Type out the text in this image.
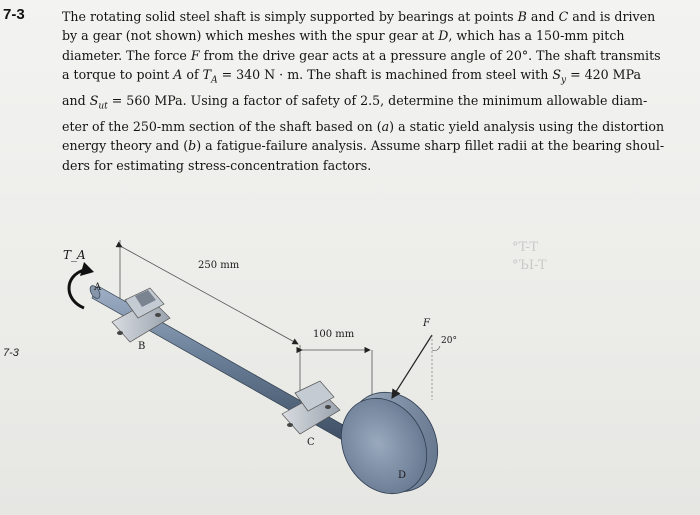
7-3	The rotating solid steel shaft is simply supported by bearings at points B and C and is driven
by a gear (not shown) which meshes with the spur gear at D, which has a 150-mm pitch
diameter. The force F from the drive gear acts at a pressure angle of 20°. The shaft transmits
a torque to point A of $T_A = 340$ N · m. The shaft is machined from steel with $S_y = 420$ MPa
and $S_{ut} = 560$ MPa. Using a factor of safety of 2.5, determine the minimum allowable diam-
eter of the 250-mm section of the shaft based on (a) a static yield analysis using the distortion
energy theory and (b) a fatigue-failure analysis. Assume sharp fillet radii at the bearing shoul-
ders for estimating stress-concentration factors.
°T-T
°ЪI-T
7-3
T_A
A
B
C
D
F
250 mm
100 mm
20°
